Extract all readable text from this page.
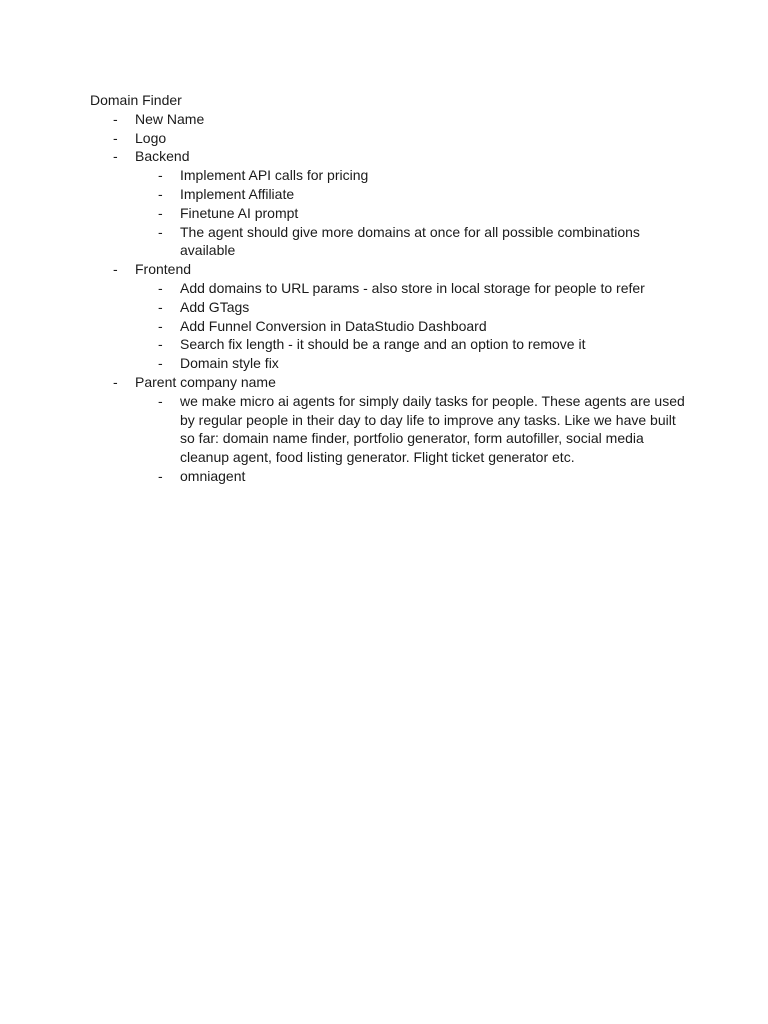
Domain Finder
- New Name
- Logo
- Backend
- Implement API calls for pricing
- Implement Affiliate
- Finetune AI prompt
- The agent should give more domains at once for all possible combinations available
- Frontend
- Add domains to URL params - also store in local storage for people to refer
- Add GTags
- Add Funnel Conversion in DataStudio Dashboard
- Search fix length - it should be a range and an option to remove it
- Domain style fix
- Parent company name
- we make micro ai agents for simply daily tasks for people. These agents are used by regular people in their day to day life to improve any tasks. Like we have built so far: domain name finder, portfolio generator, form autofiller, social media cleanup agent, food listing generator. Flight ticket generator etc.
- omniagent
